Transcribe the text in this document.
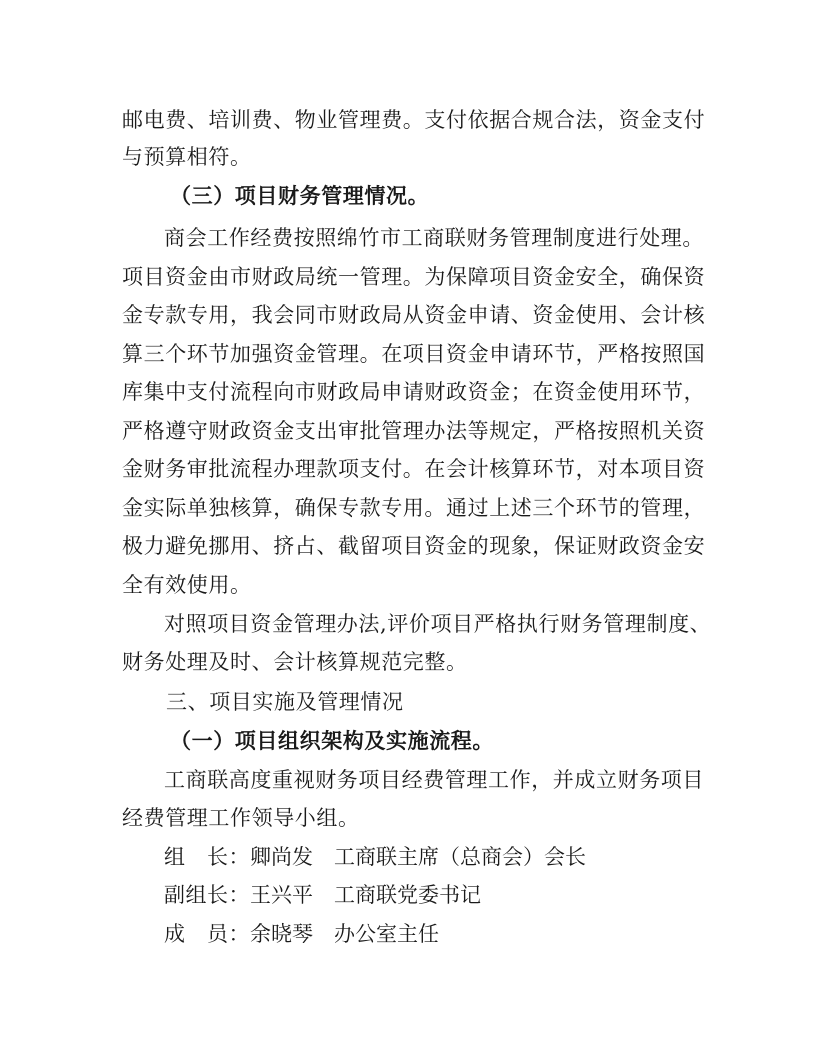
邮电费、培训费、物业管理费。支付依据合规合法，资金支付
与预算相符。
（三）项目财务管理情况。
商会工作经费按照绵竹市工商联财务管理制度进行处理。
项目资金由市财政局统一管理。为保障项目资金安全，确保资
金专款专用，我会同市财政局从资金申请、资金使用、会计核
算三个环节加强资金管理。在项目资金申请环节，严格按照国
库集中支付流程向市财政局申请财政资金；在资金使用环节，
严格遵守财政资金支出审批管理办法等规定，严格按照机关资
金财务审批流程办理款项支付。在会计核算环节，对本项目资
金实际单独核算，确保专款专用。通过上述三个环节的管理，
极力避免挪用、挤占、截留项目资金的现象，保证财政资金安
全有效使用。
对照项目资金管理办法,评价项目严格执行财务管理制度、
财务处理及时、会计核算规范完整。
三、项目实施及管理情况
（一）项目组织架构及实施流程。
工商联高度重视财务项目经费管理工作，并成立财务项目
经费管理工作领导小组。
组　长：卿尚发 工商联主席（总商会）会长
副组长：王兴平 工商联党委书记
成　员：余晓琴 办公室主任
